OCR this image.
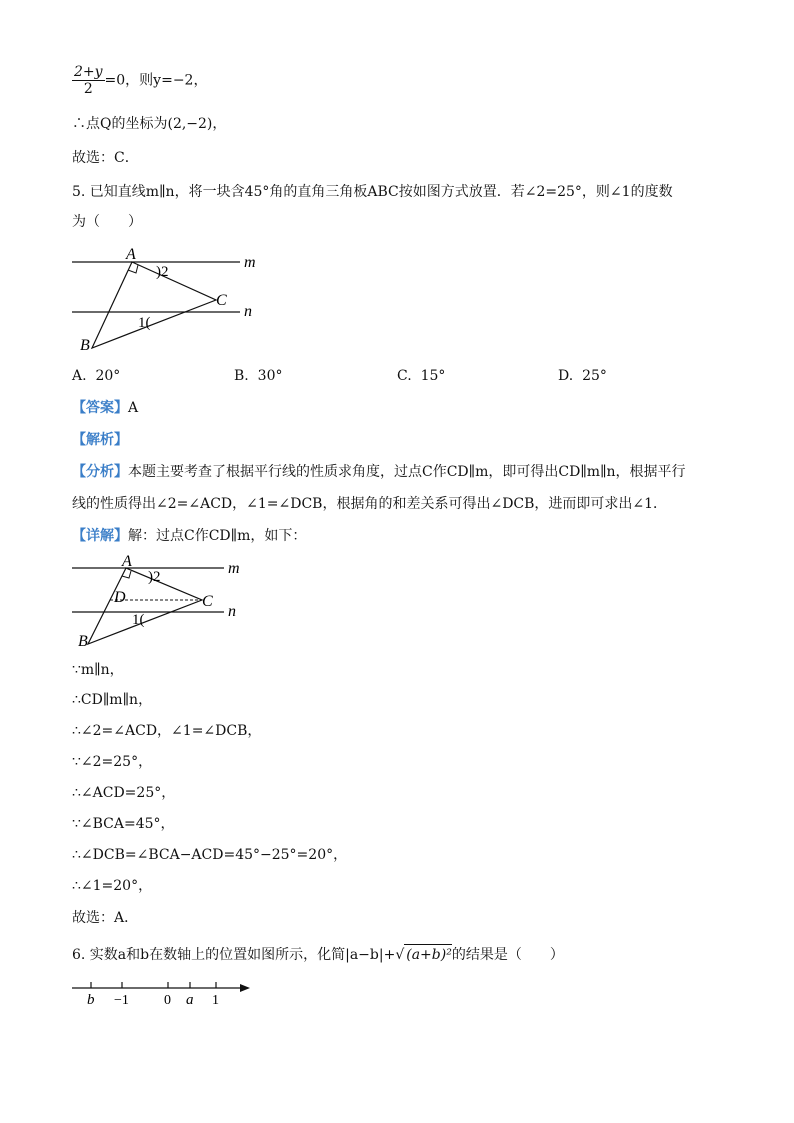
$\frac{2+y}{2} =0$，则y=−2，
∴点Q的坐标为(2,−2)，
故选：C．
5. 已知直线m∥n，将一块含45°角的直角三角板ABC按如图方式放置．若∠2=25°，则∠1的度数
为（　　）
A
B
C
m
n
)2
1(
A. 20°	B. 30°	C. 15°	D. 25°
【答案】A
【解析】
【分析】本题主要考查了根据平行线的性质求角度，过点C作CD∥m，即可得出CD∥m∥n，根据平行
线的性质得出∠2=∠ACD，∠1=∠DCB，根据角的和差关系可得出∠DCB，进而即可求出∠1．
【详解】解：过点C作CD∥m，如下：
A
B
C
D
m
n
)2
1(
∵m∥n，
∴CD∥m∥n，
∴∠2=∠ACD，∠1=∠DCB，
∵∠2=25°，
∴∠ACD=25°，
∵∠BCA=45°，
∴∠DCB=∠BCA−ACD=45°−25°=20°，
∴∠1=20°，
故选：A．
6. 实数a和b在数轴上的位置如图所示，化简|a−b|+√ (a+b)²的结果是（　　）
b −1	0 a 1
